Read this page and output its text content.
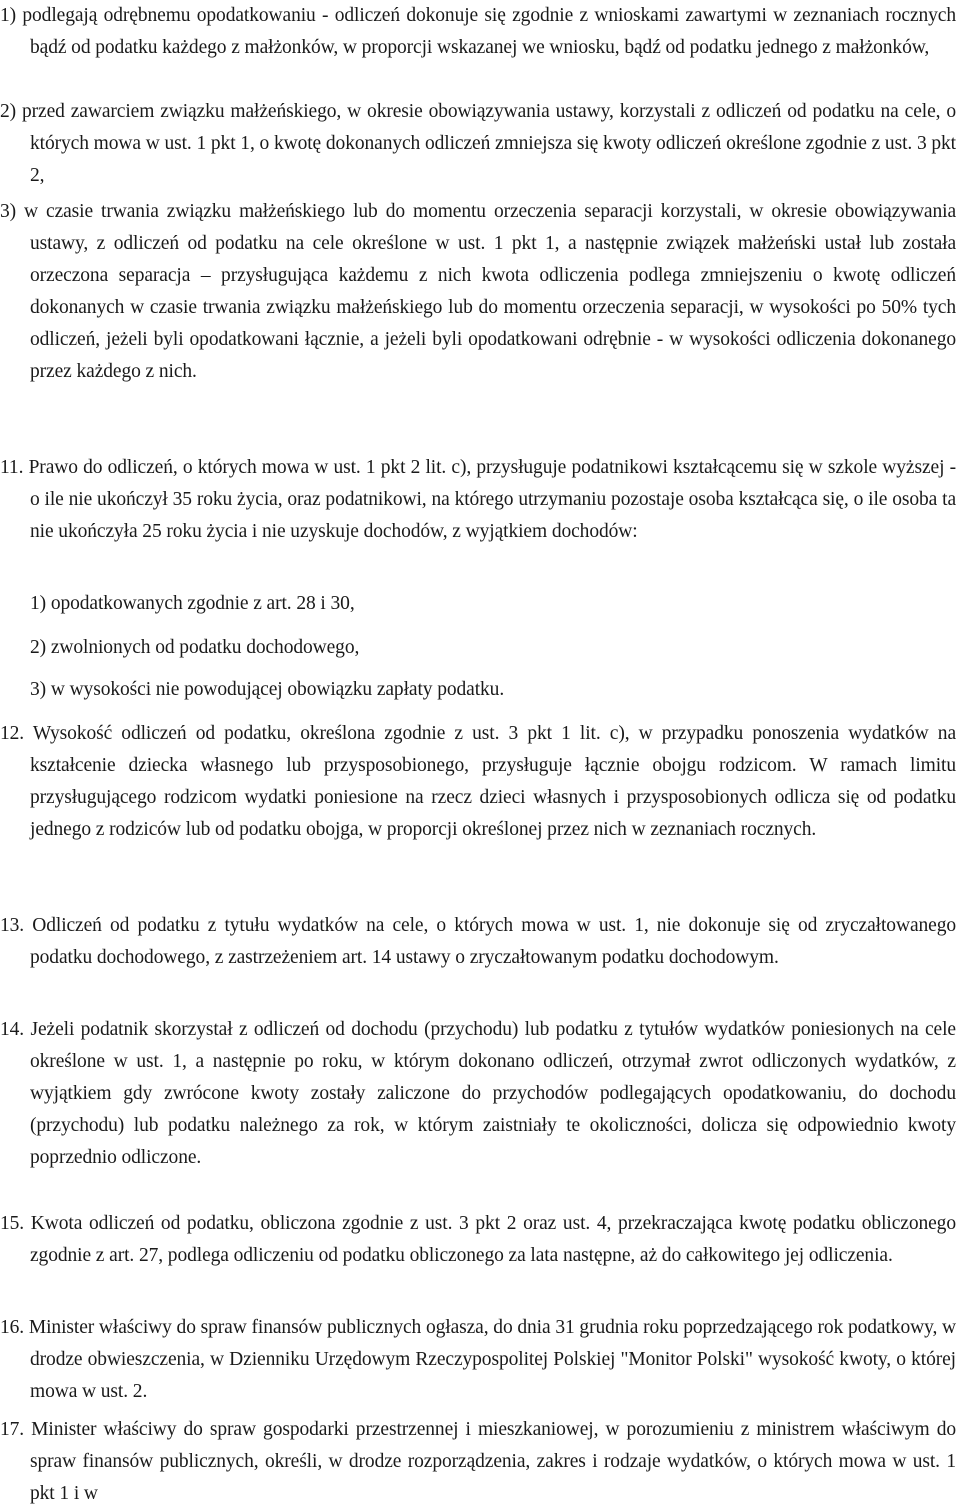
1) podlegają odrębnemu opodatkowaniu - odliczeń dokonuje się zgodnie z wnioskami zawartymi w zeznaniach rocznych bądź od podatku każdego z małżonków, w proporcji wskazanej we wniosku, bądź od podatku jednego z małżonków,

2) przed zawarciem związku małżeńskiego, w okresie obowiązywania ustawy, korzystali z odliczeń od podatku na cele, o których mowa w ust. 1 pkt 1, o kwotę dokonanych odliczeń zmniejsza się kwoty odliczeń określone zgodnie z ust. 3 pkt 2,

3) w czasie trwania związku małżeńskiego lub do momentu orzeczenia separacji korzystali, w okresie obowiązywania ustawy, z odliczeń od podatku na cele określone w ust. 1 pkt 1, a następnie związek małżeński ustał lub została orzeczona separacja – przysługująca każdemu z nich kwota odliczenia podlega zmniejszeniu o kwotę odliczeń dokonanych w czasie trwania związku małżeńskiego lub do momentu orzeczenia separacji, w wysokości po 50% tych odliczeń, jeżeli byli opodatkowani łącznie, a jeżeli byli opodatkowani odrębnie - w wysokości odliczenia dokonanego przez każdego z nich.

11. Prawo do odliczeń, o których mowa w ust. 1 pkt 2 lit. c), przysługuje podatnikowi kształcącemu się w szkole wyższej - o ile nie ukończył 35 roku życia, oraz podatnikowi, na którego utrzymaniu pozostaje osoba kształcąca się, o ile osoba ta nie ukończyła 25 roku życia i nie uzyskuje dochodów, z wyjątkiem dochodów:

1) opodatkowanych zgodnie z art. 28 i 30,

2) zwolnionych od podatku dochodowego,

3) w wysokości nie powodującej obowiązku zapłaty podatku.

12. Wysokość odliczeń od podatku, określona zgodnie z ust. 3 pkt 1 lit. c), w przypadku ponoszenia wydatków na kształcenie dziecka własnego lub przysposobionego, przysługuje łącznie obojgu rodzicom. W ramach limitu przysługującego rodzicom wydatki poniesione na rzecz dzieci własnych i przysposobionych odlicza się od podatku jednego z rodziców lub od podatku obojga, w proporcji określonej przez nich w zeznaniach rocznych.

13. Odliczeń od podatku z tytułu wydatków na cele, o których mowa w ust. 1, nie dokonuje się od zryczałtowanego podatku dochodowego, z zastrzeżeniem art. 14 ustawy o zryczałtowanym podatku dochodowym.

14. Jeżeli podatnik skorzystał z odliczeń od dochodu (przychodu) lub podatku z tytułów wydatków poniesionych na cele określone w ust. 1, a następnie po roku, w którym dokonano odliczeń, otrzymał zwrot odliczonych wydatków, z wyjątkiem gdy zwrócone kwoty zostały zaliczone do przychodów podlegających opodatkowaniu, do dochodu (przychodu) lub podatku należnego za rok, w którym zaistniały te okoliczności, dolicza się odpowiednio kwoty poprzednio odliczone.

15. Kwota odliczeń od podatku, obliczona zgodnie z ust. 3 pkt 2 oraz ust. 4, przekraczająca kwotę podatku obliczonego zgodnie z art. 27, podlega odliczeniu od podatku obliczonego za lata następne, aż do całkowitego jej odliczenia.

16. Minister właściwy do spraw finansów publicznych ogłasza, do dnia 31 grudnia roku poprzedzającego rok podatkowy, w drodze obwieszczenia, w Dzienniku Urzędowym Rzeczypospolitej Polskiej "Monitor Polski" wysokość kwoty, o której mowa w ust. 2.

17. Minister właściwy do spraw gospodarki przestrzennej i mieszkaniowej, w porozumieniu z ministrem właściwym do spraw finansów publicznych, określi, w drodze rozporządzenia, zakres i rodzaje wydatków, o których mowa w ust. 1 pkt 1 i w
